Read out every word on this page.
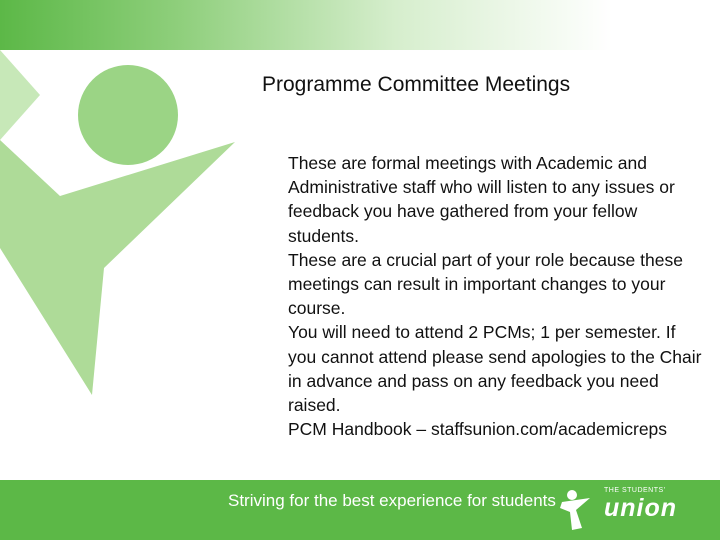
Programme Committee Meetings

These are formal meetings with Academic and Administrative staff who will listen to any issues or feedback you have gathered from your fellow students.

These are a crucial part of your role because these meetings can result in important changes to your course.

You will need to attend 2 PCMs; 1 per semester. If you cannot attend please send apologies to the Chair in advance and pass on any feedback you need raised.

PCM Handbook – staffsunion.com/academicreps

Striving for the best experience for students
THE STUDENTS'
union
